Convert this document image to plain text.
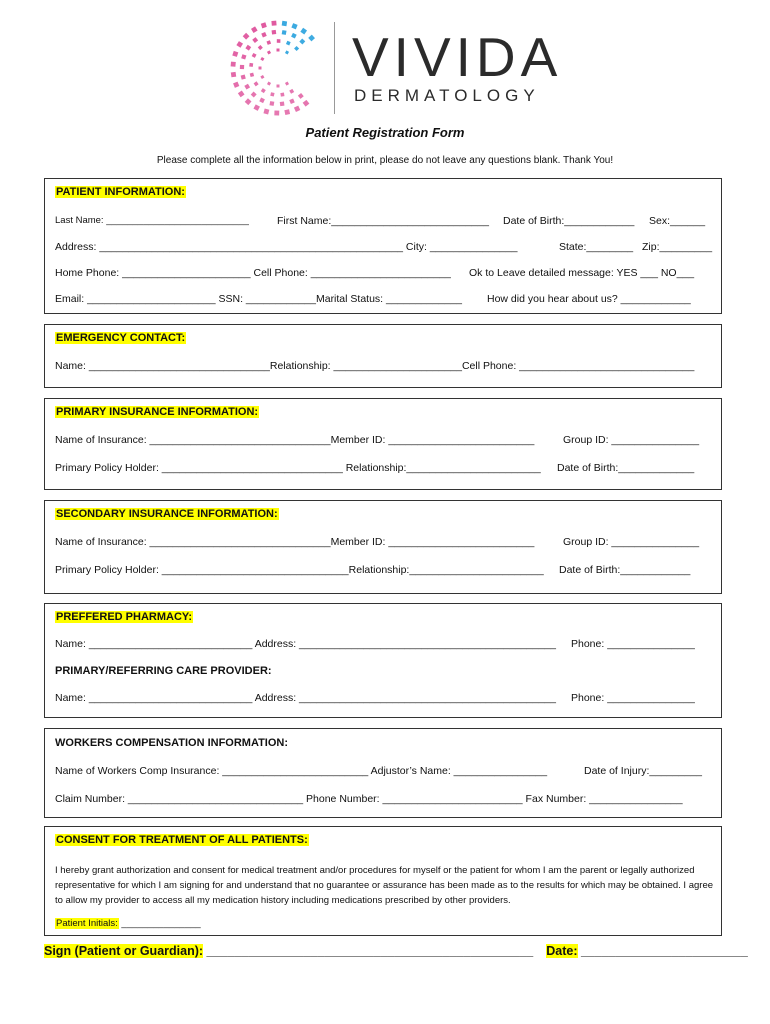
VIVIDA
DERMATOLOGY
Patient Registration Form
Please complete all the information below in print, please do not leave any questions blank. Thank You!
PATIENT INFORMATION:
Last Name: ___________________________	First Name:___________________________ Date of Birth:____________ Sex:______
Address: ____________________________________________________ City: _______________	State:________ Zip:_________
Home Phone: ______________________ Cell Phone: ________________________ Ok to Leave detailed message: YES ___ NO___
Email: ______________________ SSN: ____________Marital Status: _____________ How did you hear about us? ____________
EMERGENCY CONTACT:
Name: _______________________________Relationship: ______________________Cell Phone: ______________________________
PRIMARY INSURANCE INFORMATION:
Name of Insurance: _______________________________Member ID: _________________________	Group ID: _______________
Primary Policy Holder: _______________________________ Relationship:_______________________ Date of Birth:_____________
SECONDARY INSURANCE INFORMATION:
Name of Insurance: _______________________________Member ID: _________________________	Group ID: _______________
Primary Policy Holder: ________________________________Relationship:_______________________ Date of Birth:____________
PREFFERED PHARMACY:
Name: ____________________________ Address: ____________________________________________ Phone: _______________
PRIMARY/REFERRING CARE PROVIDER:
Name: ____________________________ Address: ____________________________________________ Phone: _______________
WORKERS COMPENSATION INFORMATION:
Name of Workers Comp Insurance: _________________________ Adjustor’s Name: ________________	Date of Injury:_________
Claim Number: ______________________________ Phone Number: ________________________ Fax Number: ________________
CONSENT FOR TREATMENT OF ALL PATIENTS:
I hereby grant authorization and consent for medical treatment and/or procedures for myself or the patient for whom I am the parent or legally authorized representative for which I am signing for and understand that no guarantee or assurance has been made as to the results for which may be obtained. I agree to allow my provider to access all my medication history including medications prescribed by other providers.
Patient Initials: _______________
Sign (Patient or Guardian): _______________________________________________ Date: ________________________
